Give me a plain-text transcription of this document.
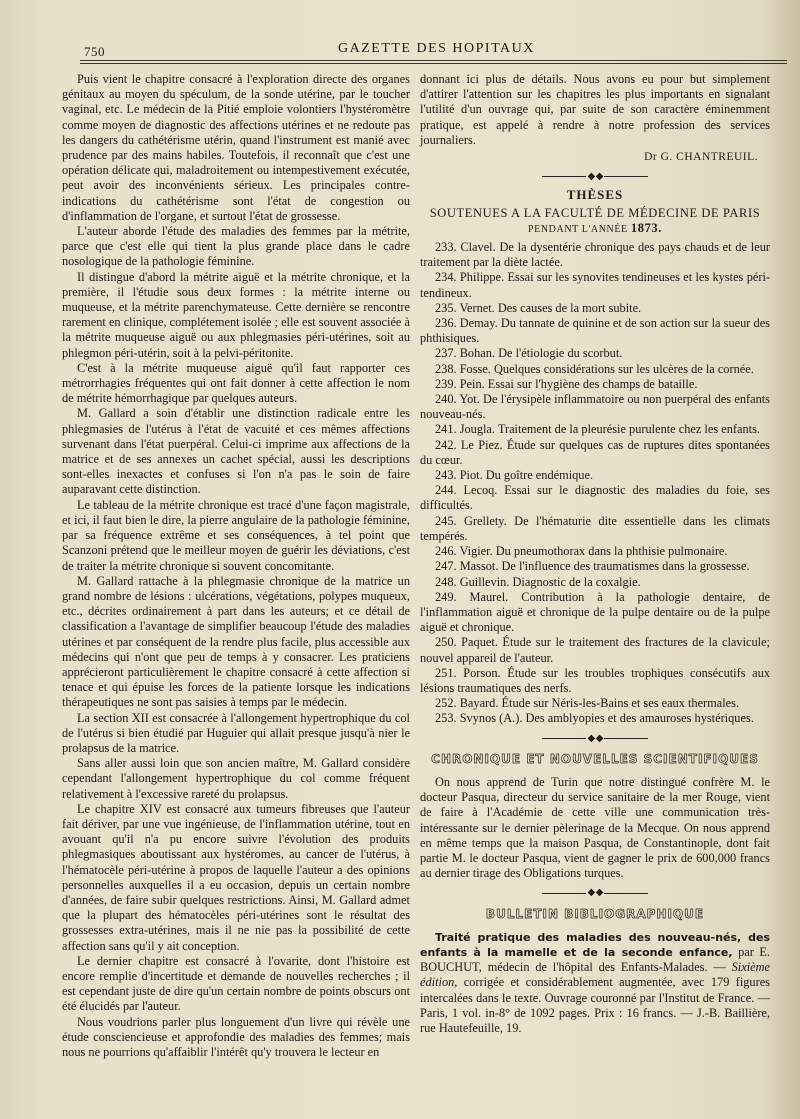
750	GAZETTE DES HOPITAUX

Puis vient le chapitre consacré à l'exploration directe des organes génitaux au moyen du spéculum, de la sonde utérine, par le toucher vaginal, etc. Le médecin de la Pitié emploie volontiers l'hystéromètre comme moyen de diagnostic des affections utérines et ne redoute pas les dangers du cathétérisme utérin, quand l'instrument est manié avec prudence par des mains habiles. Toutefois, il reconnaît que c'est une opération délicate qui, maladroitement ou intempestivement exécutée, peut avoir des inconvénients sérieux. Les principales contre-indications du cathétérisme sont l'état de congestion ou d'inflammation de l'organe, et surtout l'état de grossesse.

L'auteur aborde l'étude des maladies des femmes par la métrite, parce que c'est elle qui tient la plus grande place dans le cadre nosologique de la pathologie féminine.

Il distingue d'abord la métrite aiguë et la métrite chronique, et la première, il l'étudie sous deux formes : la métrite interne ou muqueuse, et la métrite parenchymateuse. Cette dernière se rencontre rarement en clinique, complétement isolée ; elle est souvent associée à la métrite muqueuse aiguë ou aux phlegmasies péri-utérines, soit au phlegmon péri-utérin, soit à la pelvi-péritonite.

C'est à la métrite muqueuse aiguë qu'il faut rapporter ces métrorrhagies fréquentes qui ont fait donner à cette affection le nom de métrite hémorrhagique par quelques auteurs.

M. Gallard a soin d'établir une distinction radicale entre les phlegmasies de l'utérus à l'état de vacuité et ces mêmes affections survenant dans l'état puerpéral. Celui-ci imprime aux affections de la matrice et de ses annexes un cachet spécial, aussi les descriptions sont-elles inexactes et confuses si l'on n'a pas le soin de faire auparavant cette distinction.

Le tableau de la métrite chronique est tracé d'une façon magistrale, et ici, il faut bien le dire, la pierre angulaire de la pathologie féminine, par sa fréquence extrême et ses conséquences, à tel point que Scanzoni prétend que le meilleur moyen de guérir les déviations, c'est de traiter la métrite chronique si souvent concomitante.

M. Gallard rattache à la phlegmasie chronique de la matrice un grand nombre de lésions : ulcérations, végétations, polypes muqueux, etc., décrites ordinairement à part dans les auteurs; et ce détail de classification a l'avantage de simplifier beaucoup l'étude des maladies utérines et par conséquent de la rendre plus facile, plus accessible aux médecins qui n'ont que peu de temps à y consacrer. Les praticiens apprécieront particulièrement le chapitre consacré à cette affection si tenace et qui épuise les forces de la patiente lorsque les indications thérapeutiques ne sont pas saisies à temps par le médecin.

La section XII est consacrée à l'allongement hypertrophique du col de l'utérus si bien étudié par Huguier qui allait presque jusqu'à nier le prolapsus de la matrice.

Sans aller aussi loin que son ancien maître, M. Gallard considère cependant l'allongement hypertrophique du col comme fréquent relativement à l'excessive rareté du prolapsus.

Le chapitre XIV est consacré aux tumeurs fibreuses que l'auteur fait dériver, par une vue ingénieuse, de l'inflammation utérine, tout en avouant qu'il n'a pu encore suivre l'évolution des produits phlegmasiques aboutissant aux hystéromes, au cancer de l'utérus, à l'hématocèle péri-utérine à propos de laquelle l'auteur a des opinions personnelles auxquelles il a eu occasion, depuis un certain nombre d'années, de faire subir quelques restrictions. Ainsi, M. Gallard admet que la plupart des hématocèles péri-utérines sont le résultat des grossesses extra-utérines, mais il ne nie pas la possibilité de cette affection sans qu'il y ait conception.

Le dernier chapitre est consacré à l'ovarite, dont l'histoire est encore remplie d'incertitude et demande de nouvelles recherches ; il est cependant juste de dire qu'un certain nombre de points obscurs ont été élucidés par l'auteur.

Nous voudrions parler plus longuement d'un livre qui révèle une étude consciencieuse et approfondie des maladies des femmes; mais nous ne pourrions qu'affaiblir l'intérêt qu'y trouvera le lecteur en

donnant ici plus de détails. Nous avons eu pour but simplement d'attirer l'attention sur les chapitres les plus importants en signalant l'utilité d'un ouvrage qui, par suite de son caractère éminemment pratique, est appelé à rendre à notre profession des services journaliers.

Dr G. CHANTREUIL.
◆ ◆
THÈSES
SOUTENUES A LA FACULTÉ DE MÉDECINE DE PARIS
PENDANT L'ANNÉE 1873.

233. Clavel. De la dysentérie chronique des pays chauds et de leur traitement par la diète lactée.

234. Philippe. Essai sur les synovites tendineuses et les kystes péri-tendineux.

235. Vernet. Des causes de la mort subite.

236. Demay. Du tannate de quinine et de son action sur la sueur des phthisiques.

237. Bohan. De l'étiologie du scorbut.

238. Fosse. Quelques considérations sur les ulcères de la cornée.

239. Pein. Essai sur l'hygiène des champs de bataille.

240. Yot. De l'érysipèle inflammatoire ou non puerpéral des enfants nouveau-nés.

241. Jougla. Traitement de la pleurésie purulente chez les enfants.

242. Le Piez. Étude sur quelques cas de ruptures dites spontanées du cœur.

243. Piot. Du goître endémique.

244. Lecoq. Essai sur le diagnostic des maladies du foie, ses difficultés.

245. Grellety. De l'hématurie dite essentielle dans les climats tempérés.

246. Vigier. Du pneumothorax dans la phthisie pulmonaire.

247. Massot. De l'influence des traumatismes dans la grossesse.

248. Guillevin. Diagnostic de la coxalgie.

249. Maurel. Contribution à la pathologie dentaire, de l'inflammation aiguë et chronique de la pulpe dentaire ou de la pulpe aiguë et chronique.

250. Paquet. Étude sur le traitement des fractures de la clavicule; nouvel appareil de l'auteur.

251. Porson. Étude sur les troubles trophiques consécutifs aux lésions traumatiques des nerfs.

252. Bayard. Étude sur Néris-les-Bains et ses eaux thermales.

253. Svynos (A.). Des amblyopies et des amauroses hystériques.

◆ ◆
CHRONIQUE ET NOUVELLES SCIENTIFIQUES

On nous apprend de Turin que notre distingué confrère M. le docteur Pasqua, directeur du service sanitaire de la mer Rouge, vient de faire à l'Académie de cette ville une communication très-intéressante sur le dernier pèlerinage de la Mecque. On nous apprend en même temps que la maison Pasqua, de Constantinople, dont fait partie M. le docteur Pasqua, vient de gagner le prix de 600,000 francs au dernier tirage des Obligations turques.

◆ ◆
BULLETIN BIBLIOGRAPHIQUE

Traité pratique des maladies des nouveau-nés, des enfants à la mamelle et de la seconde enfance, par E. BOUCHUT, médecin de l'hôpital des Enfants-Malades. — Sixième édition, corrigée et considérablement augmentée, avec 179 figures intercalées dans le texte. Ouvrage couronné par l'Institut de France. — Paris, 1 vol. in-8° de 1092 pages. Prix : 16 francs. — J.-B. Baillière, rue Hautefeuille, 19.
